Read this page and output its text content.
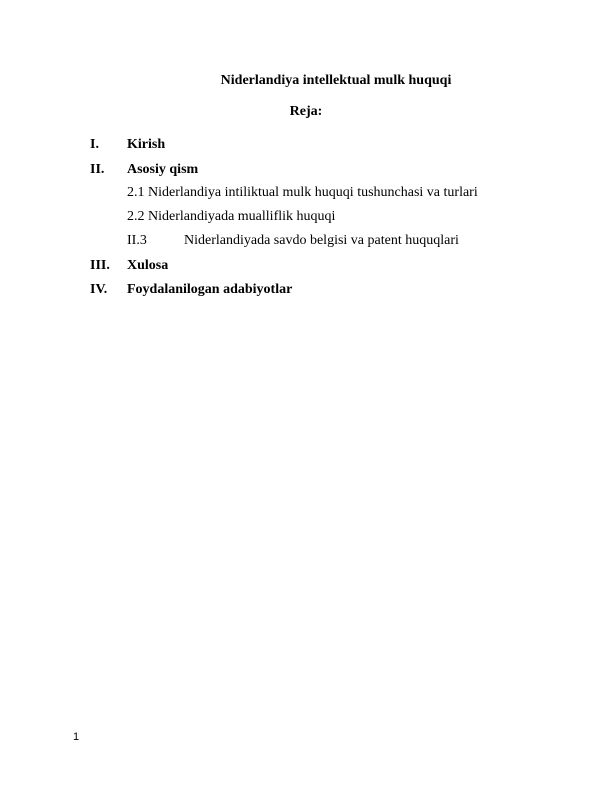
Niderlandiya intellektual mulk huquqi
Reja:
I. Kirish
II. Asosiy qism
2.1 Niderlandiya intiliktual mulk huquqi tushunchasi va turlari
2.2 Niderlandiyada mualliflik huquqi
II.3	Niderlandiyada savdo belgisi va patent huquqlari
III. Xulosa
IV. Foydalanilogan adabiyotlar
1
